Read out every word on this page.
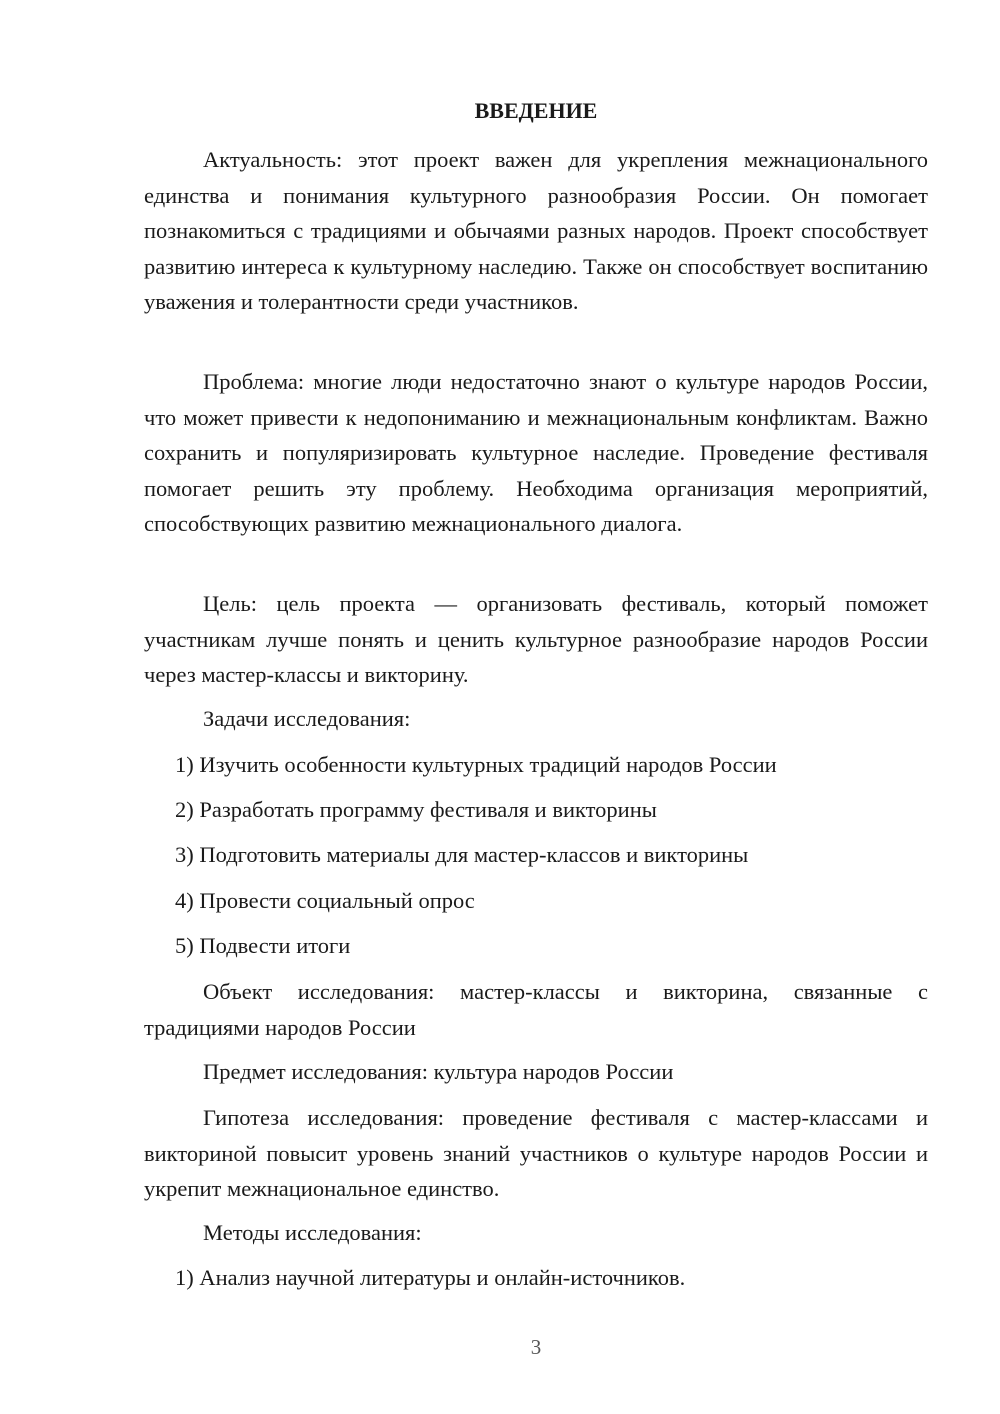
ВВЕДЕНИЕ

Актуальность: этот проект важен для укрепления межнационального единства и понимания культурного разнообразия России. Он помогает познакомиться с традициями и обычаями разных народов. Проект способствует развитию интереса к культурному наследию. Также он способствует воспитанию уважения и толерантности среди участников.

Проблема: многие люди недостаточно знают о культуре народов России, что может привести к недопониманию и межнациональным конфликтам. Важно сохранить и популяризировать культурное наследие. Проведение фестиваля помогает решить эту проблему. Необходима организация мероприятий, способствующих развитию межнационального диалога.

Цель: цель проекта — организовать фестиваль, который поможет участникам лучше понять и ценить культурное разнообразие народов России через мастер-классы и викторину.

Задачи исследования:

1) Изучить особенности культурных традиций народов России

2) Разработать программу фестиваля и викторины

3) Подготовить материалы для мастер-классов и викторины

4) Провести социальный опрос

5) Подвести итоги

Объект исследования: мастер-классы и викторина, связанные с традициями народов России

Предмет исследования: культура народов России

Гипотеза исследования: проведение фестиваля с мастер-классами и викториной повысит уровень знаний участников о культуре народов России и укрепит межнациональное единство.

Методы исследования:

1) Анализ научной литературы и онлайн-источников.

3
